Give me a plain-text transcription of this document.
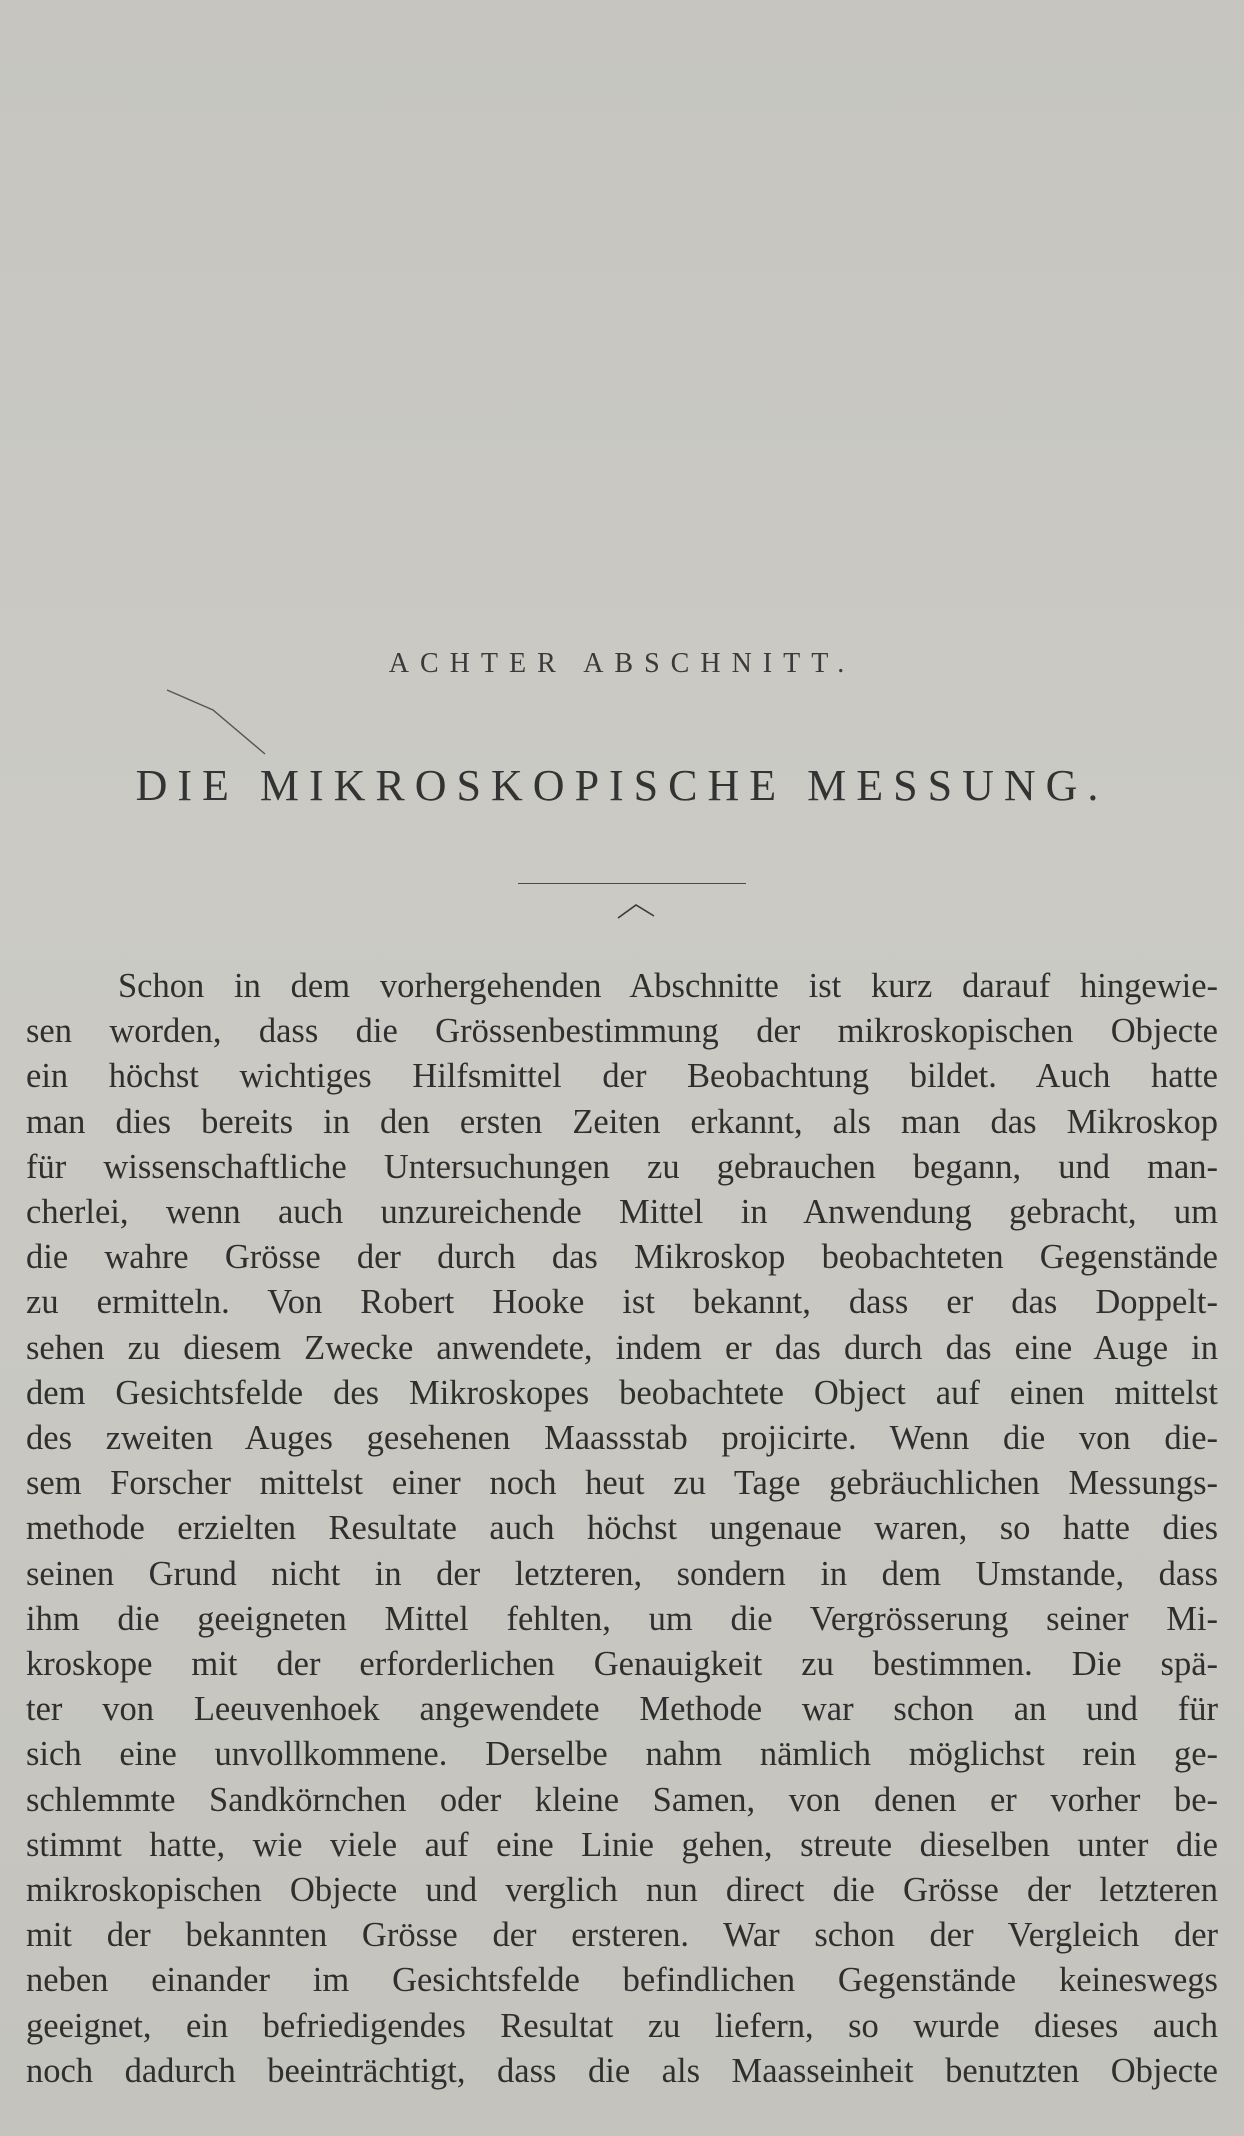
ACHTER ABSCHNITT.
DIE MIKROSKOPISCHE MESSUNG.
Schon in dem vorhergehenden Abschnitte ist kurz darauf hingewie-
sen worden, dass die Grössenbestimmung der mikroskopischen Objecte
ein höchst wichtiges Hilfsmittel der Beobachtung bildet. Auch hatte
man dies bereits in den ersten Zeiten erkannt, als man das Mikroskop
für wissenschaftliche Untersuchungen zu gebrauchen begann, und man-
cherlei, wenn auch unzureichende Mittel in Anwendung gebracht, um
die wahre Grösse der durch das Mikroskop beobachteten Gegenstände
zu ermitteln. Von Robert Hooke ist bekannt, dass er das Doppelt-
sehen zu diesem Zwecke anwendete, indem er das durch das eine Auge in
dem Gesichtsfelde des Mikroskopes beobachtete Object auf einen mittelst
des zweiten Auges gesehenen Maassstab projicirte. Wenn die von die-
sem Forscher mittelst einer noch heut zu Tage gebräuchlichen Messungs-
methode erzielten Resultate auch höchst ungenaue waren, so hatte dies
seinen Grund nicht in der letzteren, sondern in dem Umstande, dass
ihm die geeigneten Mittel fehlten, um die Vergrösserung seiner Mi-
kroskope mit der erforderlichen Genauigkeit zu bestimmen. Die spä-
ter von Leeuvenhoek angewendete Methode war schon an und für
sich eine unvollkommene. Derselbe nahm nämlich möglichst rein ge-
schlemmte Sandkörnchen oder kleine Samen, von denen er vorher be-
stimmt hatte, wie viele auf eine Linie gehen, streute dieselben unter die
mikroskopischen Objecte und verglich nun direct die Grösse der letzteren
mit der bekannten Grösse der ersteren. War schon der Vergleich der
neben einander im Gesichtsfelde befindlichen Gegenstände keineswegs
geeignet, ein befriedigendes Resultat zu liefern, so wurde dieses auch
noch dadurch beeinträchtigt, dass die als Maasseinheit benutzten Objecte
